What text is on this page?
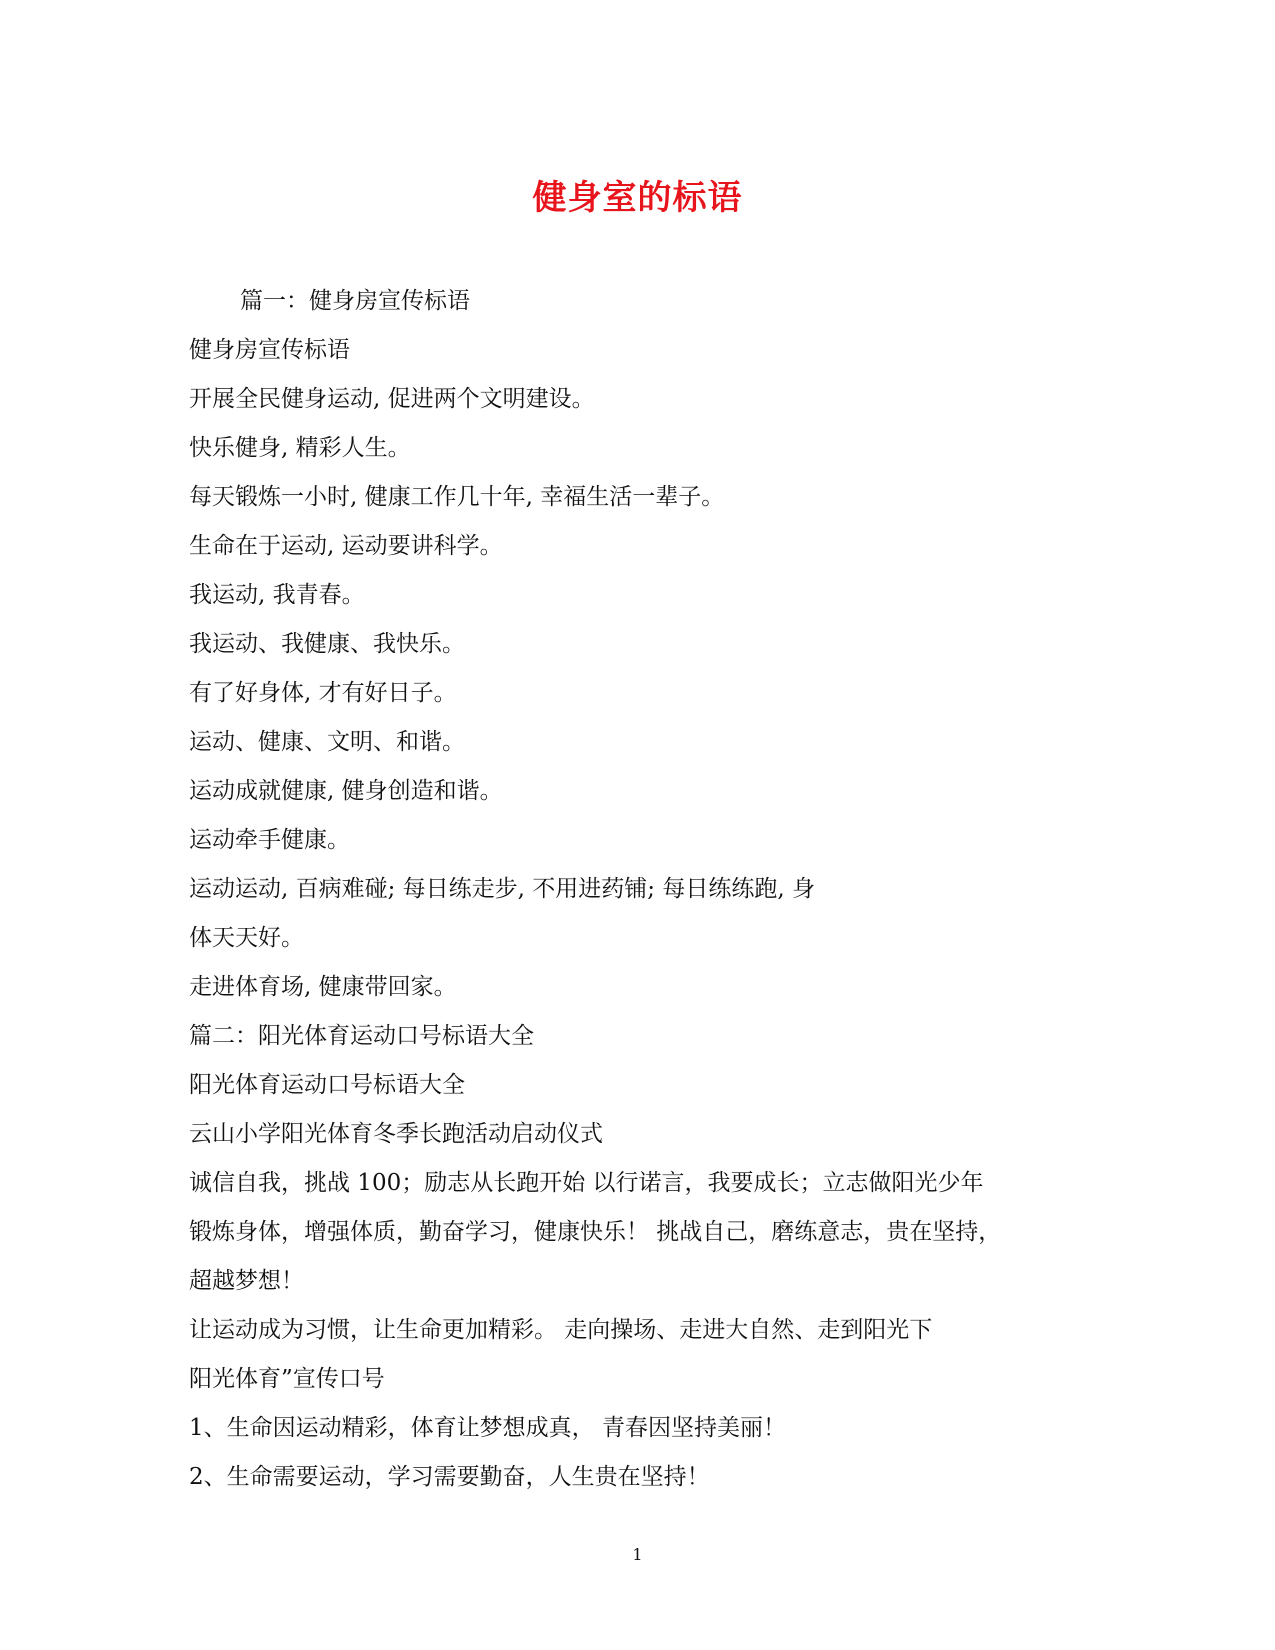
健身室的标语
篇一：健身房宣传标语
健身房宣传标语
开展全民健身运动, 促进两个文明建设。
快乐健身, 精彩人生。
每天锻炼一小时, 健康工作几十年, 幸福生活一辈子。
生命在于运动, 运动要讲科学。
我运动, 我青春。
我运动、我健康、我快乐。
有了好身体, 才有好日子。
运动、健康、文明、和谐。
运动成就健康, 健身创造和谐。
运动牵手健康。
运动运动, 百病难碰; 每日练走步, 不用进药铺; 每日练练跑, 身
体天天好。
走进体育场, 健康带回家。
篇二：阳光体育运动口号标语大全
阳光体育运动口号标语大全
云山小学阳光体育冬季长跑活动启动仪式
诚信自我，挑战 100；励志从长跑开始 以行诺言，我要成长；立志做阳光少年
锻炼身体，增强体质，勤奋学习，健康快乐！ 挑战自己，磨练意志，贵在坚持，
超越梦想！
让运动成为习惯，让生命更加精彩。 走向操场、走进大自然、走到阳光下
阳光体育”宣传口号
1、生命因运动精彩，体育让梦想成真， 青春因坚持美丽！
2、生命需要运动，学习需要勤奋，人生贵在坚持！
1
